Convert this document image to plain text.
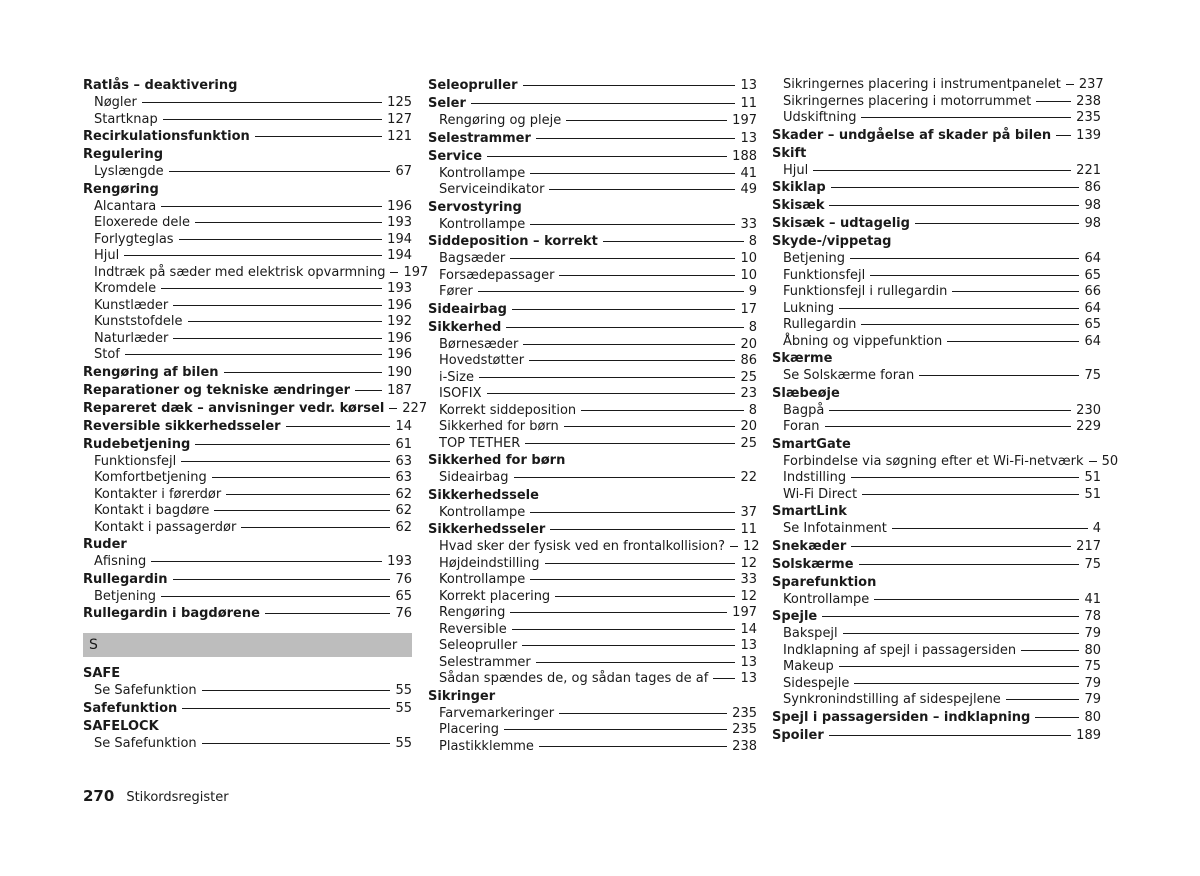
Ratlås – deaktivering
Nøgler	125
Startknap	127
Recirkulationsfunktion	121
Regulering
Lyslængde	67
Rengøring
Alcantara	196
Eloxerede dele	193
Forlygteglas	194
Hjul	194
Indtræk på sæder med elektrisk opvarmning 197
Kromdele	193
Kunstlæder	196
Kunststofdele	192
Naturlæder	196
Stof	196
Rengøring af bilen	190
Reparationer og tekniske ændringer	187
Repareret dæk – anvisninger vedr. kørsel 227
Reversible sikkerhedsseler	14
Rudebetjening	61
Funktionsfejl	63
Komfortbetjening	63
Kontakter i førerdør	62
Kontakt i bagdøre	62
Kontakt i passagerdør	62
Ruder
Afisning	193
Rullegardin	76
Betjening	65
Rullegardin i bagdørene	76
S
SAFE
Se Safefunktion	55
Safefunktion	55
SAFELOCK
Se Safefunktion	55
Seleopruller	13
Seler	11
Rengøring og pleje	197
Selestrammer	13
Service	188
Kontrollampe	41
Serviceindikator	49
Servostyring
Kontrollampe	33
Siddeposition – korrekt	8
Bagsæder	10
Forsædepassager	10
Fører	9
Sideairbag	17
Sikkerhed	8
Børnesæder	20
Hovedstøtter	86
i-Size	25
ISOFIX	23
Korrekt siddeposition	8
Sikkerhed for børn	20
TOP TETHER	25
Sikkerhed for børn
Sideairbag	22
Sikkerhedssele
Kontrollampe	37
Sikkerhedsseler	11
Hvad sker der fysisk ved en frontalkollision? 12
Højdeindstilling	12
Kontrollampe	33
Korrekt placering	12
Rengøring	197
Reversible	14
Seleopruller	13
Selestrammer	13
Sådan spændes de, og sådan tages de af 13
Sikringer
Farvemarkeringer	235
Placering	235
Plastikklemme	238
Sikringernes placering i instrumentpanelet 237
Sikringernes placering i motorrummet	238
Udskiftning	235
Skader – undgåelse af skader på bilen 139
Skift
Hjul	221
Skiklap	86
Skisæk	98
Skisæk – udtagelig	98
Skyde-/vippetag
Betjening	64
Funktionsfejl	65
Funktionsfejl i rullegardin	66
Lukning	64
Rullegardin	65
Åbning og vippefunktion	64
Skærme
Se Solskærme foran	75
Slæbeøje
Bagpå	230
Foran	229
SmartGate
Forbindelse via søgning efter et Wi-Fi-netværk 50
Indstilling	51
Wi-Fi Direct	51
SmartLink
Se Infotainment	4
Snekæder	217
Solskærme	75
Sparefunktion
Kontrollampe	41
Spejle	78
Bakspejl	79
Indklapning af spejl i passagersiden	80
Makeup	75
Sidespejle	79
Synkronindstilling af sidespejlene	79
Spejl i passagersiden – indklapning	80
Spoiler	189
270 Stikordsregister
